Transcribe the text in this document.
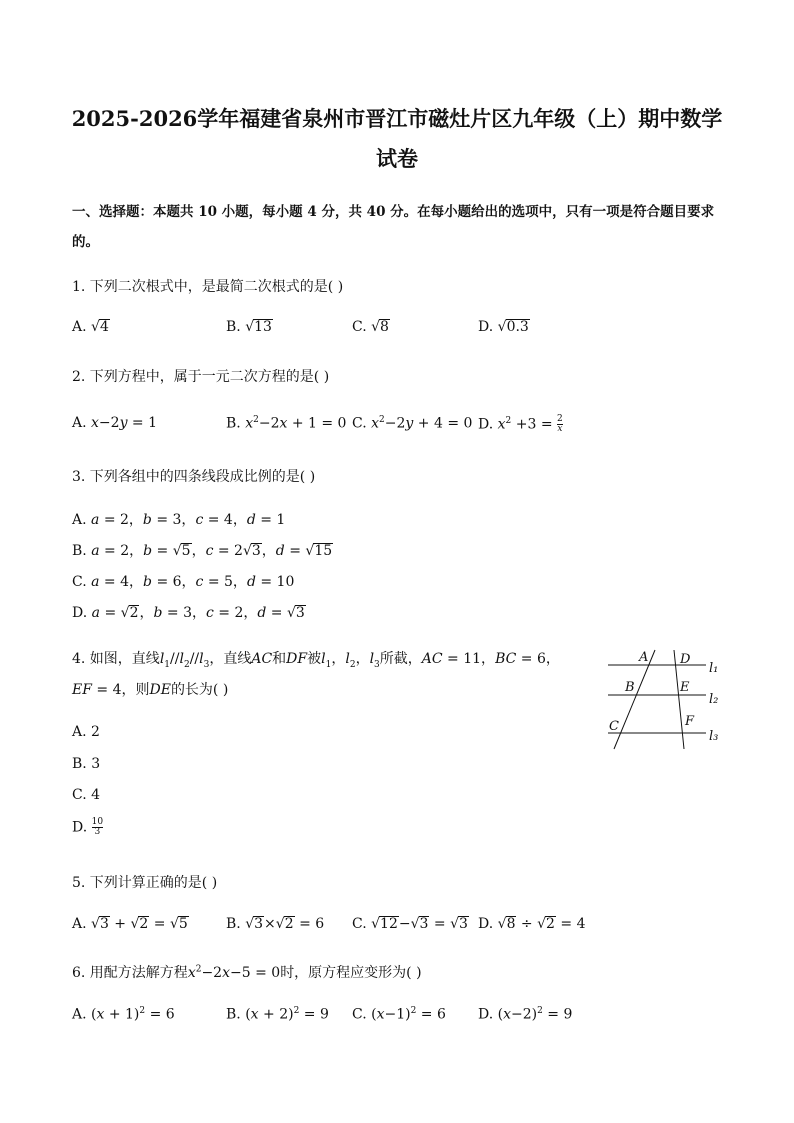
2025-2026学年福建省泉州市晋江市磁灶片区九年级（上）期中数学
试卷
一、选择题：本题共 10 小题，每小题 4 分，共 40 分。在每小题给出的选项中，只有一项是符合题目要求
的。
1. 下列二次根式中，是最简二次根式的是( )
A. √4	B. √13	C. √8	D. √0.3
2. 下列方程中，属于一元二次方程的是( )
A. x−2y = 1	B. $x^2-2x + 1 = 0$ C. $x^2-2y + 4 = 0$ D. $x^2 +3 = \frac{2}{x}$
3. 下列各组中的四条线段成比例的是( )
A. a = 2，b = 3，c = 4，d = 1
B. a = 2，b = √5，c = 2√3，d = √15
C. a = 4，b = 6，c = 5，d = 10
D. a = √2，b = 3，c = 2，d = √3
4. 如图，直线$l_1//l_2//l_3$，直线AC和DF被$l_1$，$l_2$，$l_3$所截，AC = 11，BC = 6，
EF = 4，则DE的长为( )
A. 2
B. 3
C. 4
D. $\frac{10}{3}$
A D
l₁
B	E
l₂
C	F
l₃
5. 下列计算正确的是( )
A. √3 + √2 = √5	B. √3×√2 = 6 C. √12−√3 = √3 D. √8 ÷ √2 = 4
6. 用配方法解方程$x^2-2x-5 = 0$时，原方程应变形为( )
A. $(x + 1)^2 = 6$	B. $(x + 2)^2 = 9$ C. $(x-1)^2 = 6$ D. $(x-2)^2 = 9$
